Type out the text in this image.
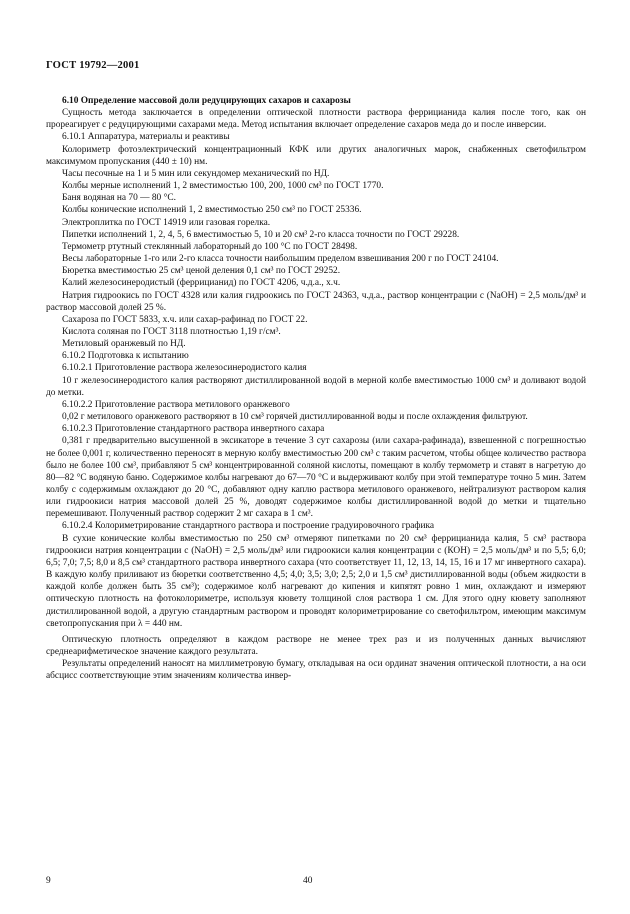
ГОСТ 19792—2001

6.10 Определение массовой доли редуцирующих сахаров и сахарозы

Сущность метода заключается в определении оптической плотности раствора феррицианида калия после того, как он прореагирует с редуцирующими сахарами меда. Метод испытания включает определение сахаров меда до и после инверсии.

6.10.1 Аппаратура, материалы и реактивы

Колориметр фотоэлектрический концентрационный КФК или других аналогичных марок, снабженных светофильтром максимумом пропускания (440 ± 10) нм.

Часы песочные на 1 и 5 мин или секундомер механический по НД.

Колбы мерные исполнений 1, 2 вместимостью 100, 200, 1000 см³ по ГОСТ 1770.

Баня водяная на 70 — 80 °С.

Колбы конические исполнений 1, 2 вместимостью 250 см³ по ГОСТ 25336.

Электроплитка по ГОСТ 14919 или газовая горелка.

Пипетки исполнений 1, 2, 4, 5, 6 вместимостью 5, 10 и 20 см³ 2-го класса точности по ГОСТ 29228.

Термометр ртутный стеклянный лабораторный до 100 °С по ГОСТ 28498.

Весы лабораторные 1-го или 2-го класса точности наибольшим пределом взвешивания 200 г по ГОСТ 24104.

Бюретка вместимостью 25 см³ ценой деления 0,1 см³ по ГОСТ 29252.

Калий железосинеродистый (феррицианид) по ГОСТ 4206, ч.д.а., х.ч.

Натрия гидроокись по ГОСТ 4328 или калия гидроокись по ГОСТ 24363, ч.д.а., раствор концентрации с (NaOH) = 2,5 моль/дм³ и раствор массовой долей 25 %.

Сахароза по ГОСТ 5833, х.ч. или сахар-рафинад по ГОСТ 22.

Кислота соляная по ГОСТ 3118 плотностью 1,19 г/см³.

Метиловый оранжевый по НД.

6.10.2 Подготовка к испытанию

6.10.2.1 Приготовление раствора железосинеродистого калия

10 г железосинеродистого калия растворяют дистиллированной водой в мерной колбе вместимостью 1000 см³ и доливают водой до метки.

6.10.2.2 Приготовление раствора метилового оранжевого

0,02 г метилового оранжевого растворяют в 10 см³ горячей дистиллированной воды и после охлаждения фильтруют.

6.10.2.3 Приготовление стандартного раствора инвертного сахара

0,381 г предварительно высушенной в эксикаторе в течение 3 сут сахарозы (или сахара-рафинада), взвешенной с погрешностью не более 0,001 г, количественно переносят в мерную колбу вместимостью 200 см³ с таким расчетом, чтобы общее количество раствора было не более 100 см³, прибавляют 5 см³ концентрированной соляной кислоты, помещают в колбу термометр и ставят в нагретую до 80—82 °С водяную баню. Содержимое колбы нагревают до 67—70 °С и выдерживают колбу при этой температуре точно 5 мин. Затем колбу с содержимым охлаждают до 20 °С, добавляют одну каплю раствора метилового оранжевого, нейтрализуют раствором калия или гидроокиси натрия массовой долей 25 %, доводят содержимое колбы дистиллированной водой до метки и тщательно перемешивают. Полученный раствор содержит 2 мг сахара в 1 см³.

6.10.2.4 Колориметрирование стандартного раствора и построение градуировочного графика

В сухие конические колбы вместимостью по 250 см³ отмеряют пипетками по 20 см³ феррицианида калия, 5 см³ раствора гидроокиси натрия концентрации с (NaOH) = 2,5 моль/дм³ или гидроокиси калия концентрации с (КОН) = 2,5 моль/дм³ и по 5,5; 6,0; 6,5; 7,0; 7,5; 8,0 и 8,5 см³ стандартного раствора инвертного сахара (что соответствует 11, 12, 13, 14, 15, 16 и 17 мг инвертного сахара). В каждую колбу приливают из бюретки соответственно 4,5; 4,0; 3,5; 3,0; 2,5; 2,0 и 1,5 см³ дистиллированной воды (объем жидкости в каждой колбе должен быть 35 см³); содержимое колб нагревают до кипения и кипятят ровно 1 мин, охлаждают и измеряют оптическую плотность на фотоколориметре, используя кювету толщиной слоя раствора 1 см. Для этого одну кювету заполняют дистиллированной водой, а другую стандартным раствором и проводят колориметрирование со светофильтром, имеющим максимум светопропускания при λ = 440 нм.

Оптическую плотность определяют в каждом растворе не менее трех раз и из полученных данных вычисляют среднеарифметическое значение каждого результата.

Результаты определений наносят на миллиметровую бумагу, откладывая на оси ординат значения оптической плотности, а на оси абсцисс соответствующие этим значениям количества инвер-

9	40
